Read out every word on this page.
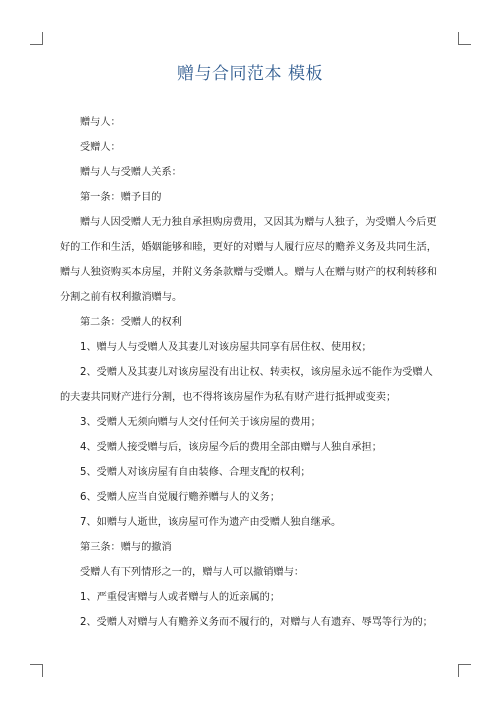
赠与合同范本 模板
赠与人：
受赠人：
赠与人与受赠人关系：
第一条：赠予目的
赠与人因受赠人无力独自承担购房费用，又因其为赠与人独子，为受赠人今后更
好的工作和生活，婚姻能够和睦，更好的对赠与人履行应尽的赡养义务及共同生活，
赠与人独资购买本房屋，并附义务条款赠与受赠人。赠与人在赠与财产的权利转移和
分割之前有权利撤消赠与。
第二条：受赠人的权利
1、赠与人与受赠人及其妻儿对该房屋共同享有居住权、使用权；
2、受赠人及其妻儿对该房屋没有出让权、转卖权，该房屋永远不能作为受赠人
的夫妻共同财产进行分割，也不得将该房屋作为私有财产进行抵押或变卖；
3、受赠人无须向赠与人交付任何关于该房屋的费用；
4、受赠人接受赠与后，该房屋今后的费用全部由赠与人独自承担；
5、受赠人对该房屋有自由装修、合理支配的权利；
6、受赠人应当自觉履行赡养赠与人的义务；
7、如赠与人逝世，该房屋可作为遗产由受赠人独自继承。
第三条：赠与的撤消
受赠人有下列情形之一的，赠与人可以撤销赠与：
1、严重侵害赠与人或者赠与人的近亲属的；
2、受赠人对赠与人有赡养义务而不履行的，对赠与人有遗弃、辱骂等行为的；
